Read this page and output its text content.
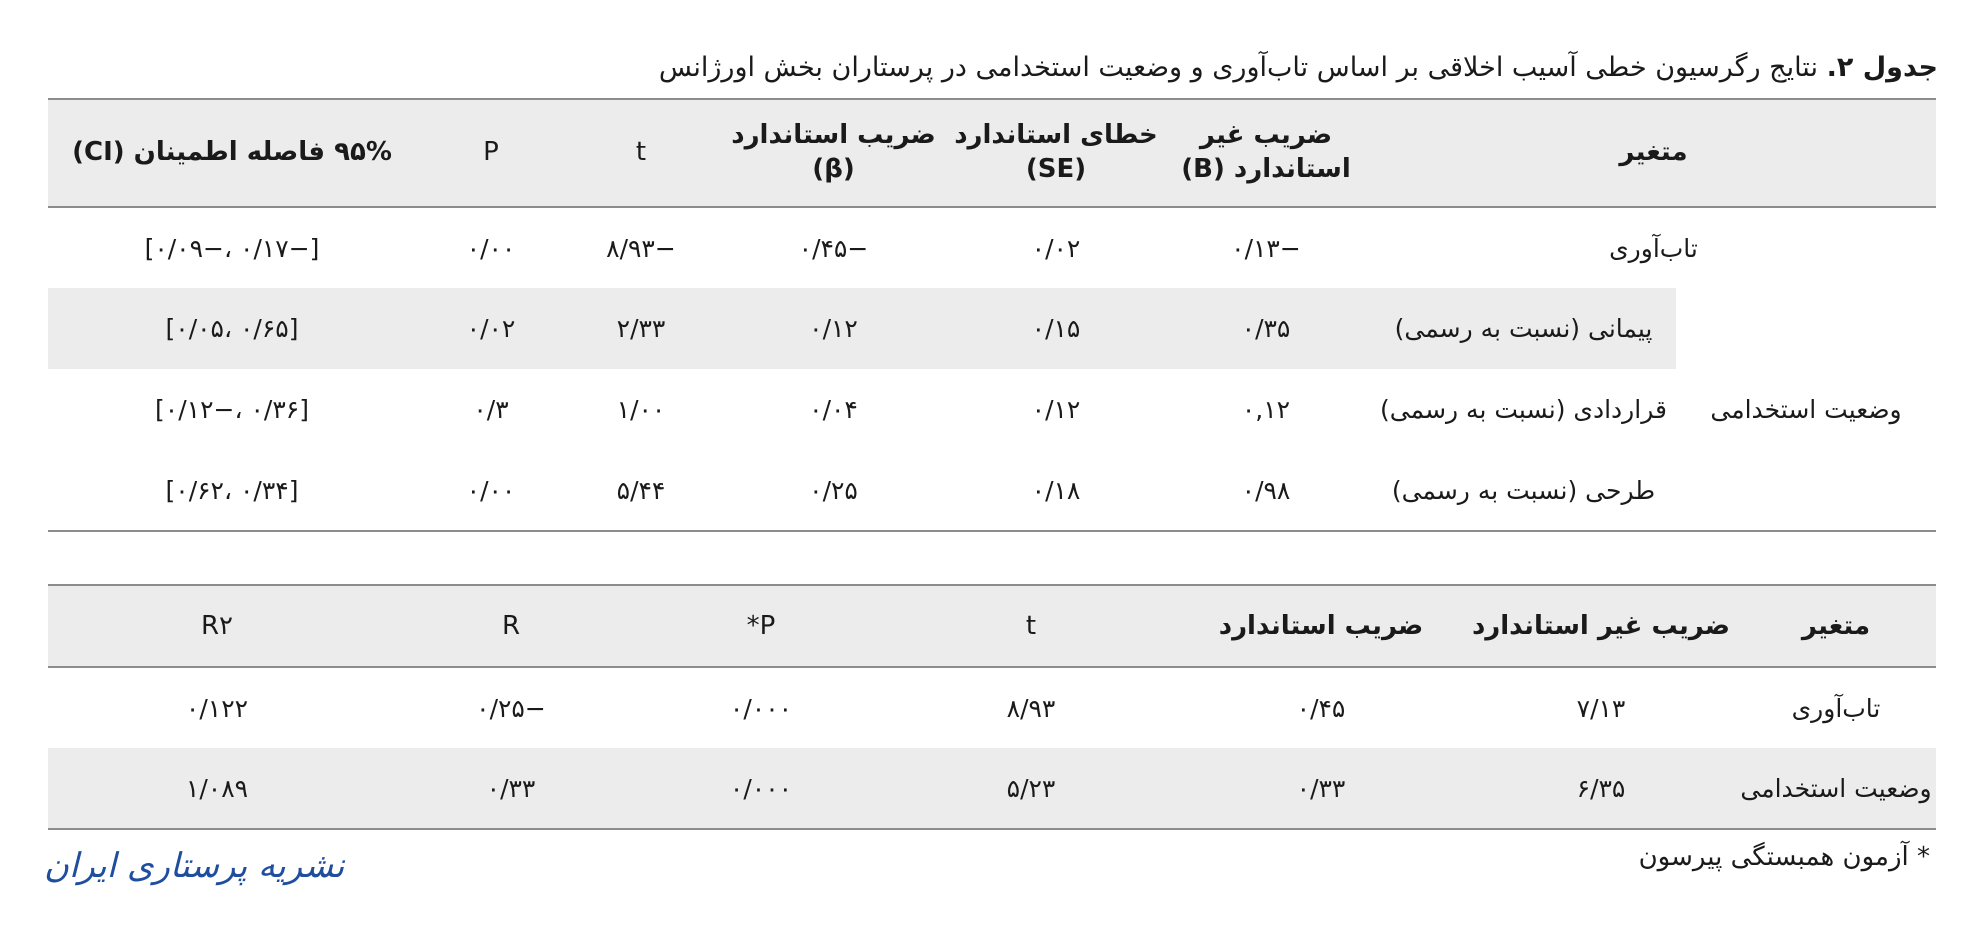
جدول ۲. نتایج رگرسیون خطی آسیب اخلاقی بر اساس تاب‌آوری و وضعیت استخدامی در پرستاران بخش اورژانس
متغیر		ضریب غیر استاندارد (B)	خطای استاندارد (SE)	ضریب استاندارد (β)	t	P	۹۵% فاصله اطمینان (CI)
تاب‌آوری		−۰/۱۳	۰/۰۲	−۰/۴۵	−۸/۹۳	۰/۰۰	[−۰/۱۷ ،−۰/۰۹]
وضعیت استخدامی	پیمانی (نسبت به رسمی)	۰/۳۵	۰/۱۵	۰/۱۲	۲/۳۳	۰/۰۲	[۰/۶۵ ،۰/۰۵]
	قراردادی (نسبت به رسمی)	۰,۱۲	۰/۱۲	۰/۰۴	۱/۰۰	۰/۳	[۰/۳۶ ،−۰/۱۲]
	طرحی (نسبت به رسمی)	۰/۹۸	۰/۱۸	۰/۲۵	۵/۴۴	۰/۰۰	[۰/۳۴ ،۰/۶۲]
متغیر	ضریب غیر استاندارد	ضریب استاندارد	t	P*	R	R۲
تاب‌آوری	۷/۱۳	۰/۴۵	۸/۹۳	۰/۰۰۰	−۰/۲۵	۰/۱۲۲
وضعیت استخدامی	۶/۳۵	۰/۳۳	۵/۲۳	۰/۰۰۰	۰/۳۳	۱/۰۸۹
* آزمون همبستگی پیرسون
نشریه پرستاری ایران
